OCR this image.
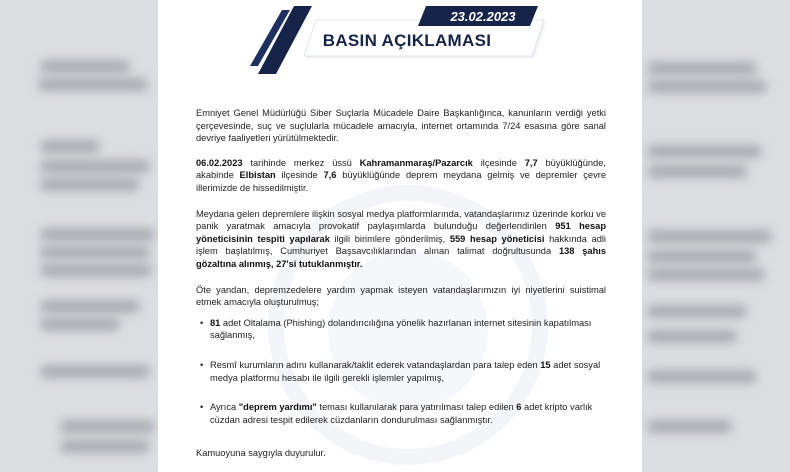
23.02.2023
BASIN AÇIKLAMASI

Emniyet Genel Müdürlüğü Siber Suçlarla Mücadele Daire Başkanlığınca, kanunların verdiği yetki çerçevesinde, suç ve suçlularla mücadele amacıyla, internet ortamında 7/24 esasına göre sanal devriye faaliyetleri yürütülmektedir.

06.02.2023 tarihinde merkez üssü Kahramanmaraş/Pazarcık ilçesinde 7,7 büyüklüğünde, akabinde Elbistan ilçesinde 7,6 büyüklüğünde deprem meydana gelmiş ve depremler çevre illerimizde de hissedilmiştir.

Meydana gelen depremlere ilişkin sosyal medya platformlarında, vatandaşlarımız üzerinde korku ve panik yaratmak amacıyla provokatif paylaşımlarda bulunduğu değerlendirilen 951 hesap yöneticisinin tespiti yapılarak ilgili birimlere gönderilmiş, 559 hesap yöneticisi hakkında adli işlem başlatılmış, Cumhuriyet Başsavcılıklarından alınan talimat doğrultusunda 138 şahıs gözaltına alınmış, 27'si tutuklanmıştır.

Öte yandan, depremzedelere yardım yapmak isteyen vatandaşlarımızın iyi niyetlerini suistimal etmek amacıyla oluşturulmuş;

• 81 adet Oltalama (Phishing) dolandırıcılığına yönelik hazırlanan internet sitesinin kapatılması sağlanmış,

• Resmî kurumların adını kullanarak/taklit ederek vatandaşlardan para talep eden 15 adet sosyal medya platformu hesabı ile ilgili gerekli işlemler yapılmış,

• Ayrıca "deprem yardımı" teması kullanılarak para yatırılması talep edilen 6 adet kripto varlık cüzdan adresi tespit edilerek cüzdanların dondurulması sağlanmıştır.

Kamuoyuna saygıyla duyurulur.
